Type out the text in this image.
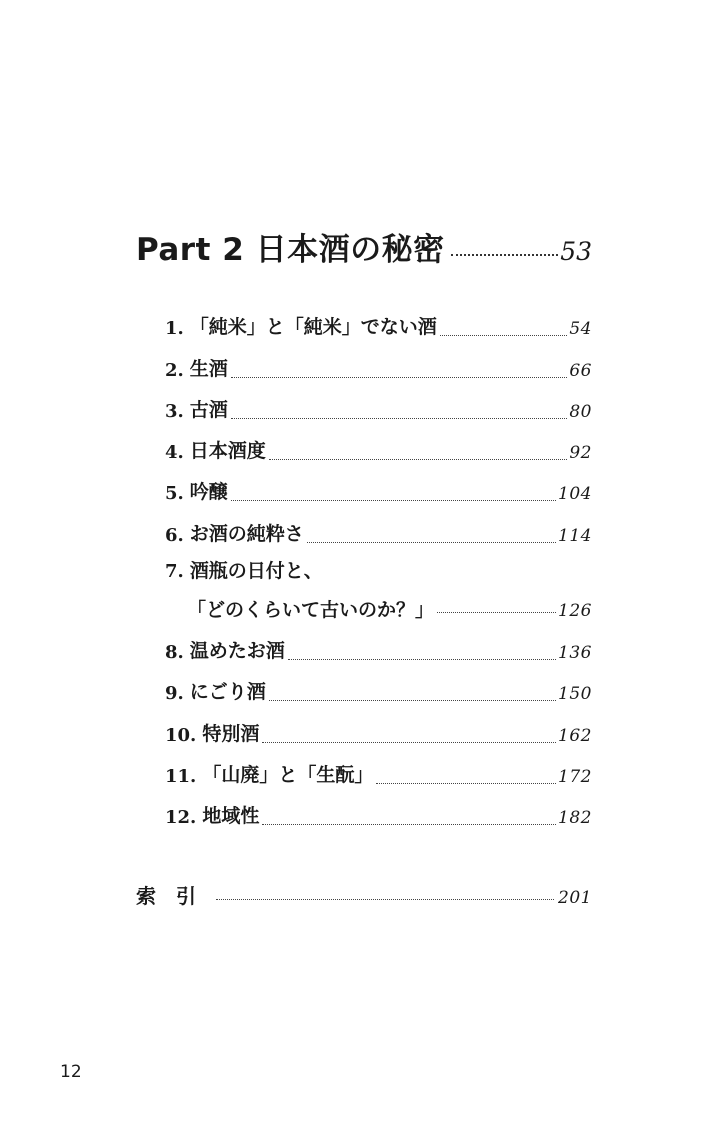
Part 2 日本酒の秘密	53
1. 「純米」と「純米」でない酒	54
2. 生酒	66
3. 古酒	80
4. 日本酒度	92
5. 吟醸	104
6. お酒の純粋さ	114
7. 酒瓶の日付と、
「どのくらいて古いのか？」	126
8. 温めたお酒	136
9. にごり酒	150
10. 特別酒	162
11. 「山廃」と「生酛」	172
12. 地域性	182
索引	201
12
